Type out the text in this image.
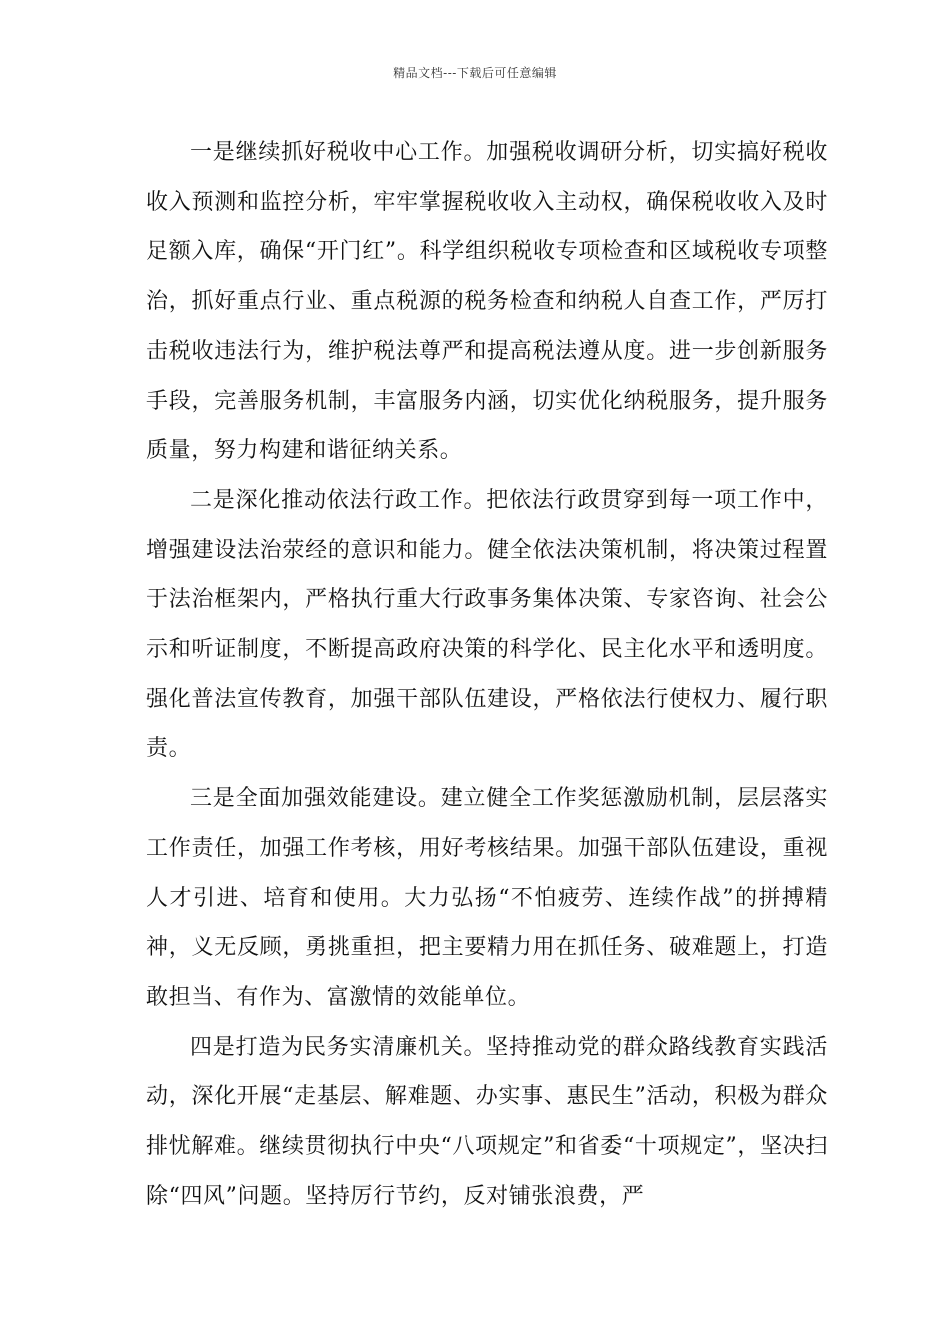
精品文档---下载后可任意编辑

一是继续抓好税收中心工作。加强税收调研分析，切实搞好税收收入预测和监控分析，牢牢掌握税收收入主动权，确保税收收入及时足额入库，确保“开门红”。科学组织税收专项检查和区域税收专项整治，抓好重点行业、重点税源的税务检查和纳税人自查工作，严厉打击税收违法行为，维护税法尊严和提高税法遵从度。进一步创新服务手段，完善服务机制，丰富服务内涵，切实优化纳税服务，提升服务质量，努力构建和谐征纳关系。

二是深化推动依法行政工作。把依法行政贯穿到每一项工作中，增强建设法治荥经的意识和能力。健全依法决策机制，将决策过程置于法治框架内，严格执行重大行政事务集体决策、专家咨询、社会公示和听证制度，不断提高政府决策的科学化、民主化水平和透明度。强化普法宣传教育，加强干部队伍建设，严格依法行使权力、履行职责。

三是全面加强效能建设。建立健全工作奖惩激励机制，层层落实工作责任，加强工作考核，用好考核结果。加强干部队伍建设，重视人才引进、培育和使用。大力弘扬“不怕疲劳、连续作战”的拼搏精神，义无反顾，勇挑重担，把主要精力用在抓任务、破难题上，打造敢担当、有作为、富激情的效能单位。

四是打造为民务实清廉机关。坚持推动党的群众路线教育实践活动，深化开展“走基层、解难题、办实事、惠民生”活动，积极为群众排忧解难。继续贯彻执行中央“八项规定”和省委“十项规定”，坚决扫除“四风”问题。坚持厉行节约，反对铺张浪费，严
